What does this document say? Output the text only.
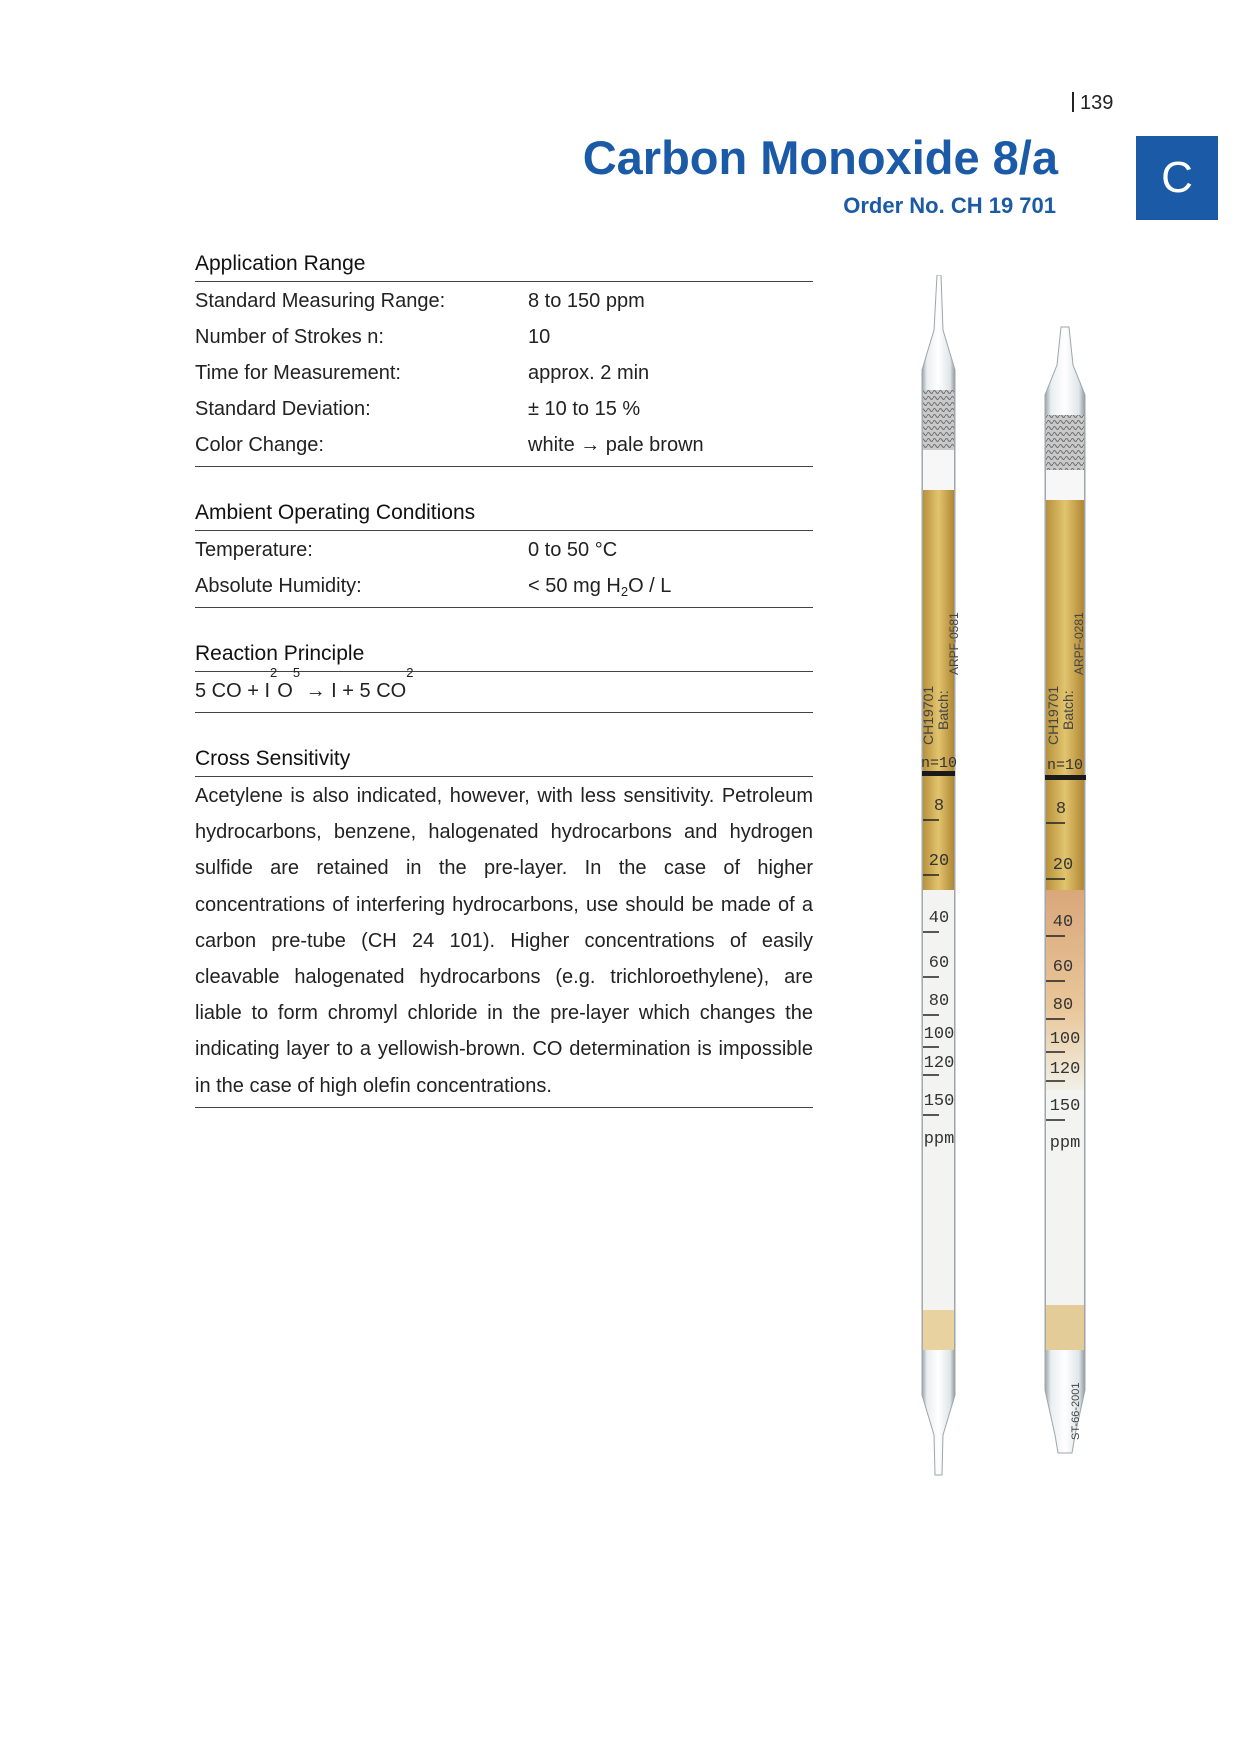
139
Carbon Monoxide 8/a
Order No. CH 19 701
C
Application Range
Standard Measuring Range:	8 to 150 ppm
Number of Strokes n:	10
Time for Measurement:	approx. 2 min
Standard Deviation:	± 10 to 15 %
Color Change:	white → pale brown
Ambient Operating Conditions
Temperature:	0 to 50 °C
Absolute Humidity:	< 50 mg $H_2O$ / L
Reaction Principle
5 CO + I
2
O
5
→ I + 5 CO
2
Cross Sensitivity
Acetylene is also indicated, however, with less sensitivity. Petroleum hydrocarbons, benzene, halogenated hydrocarbons and hydrogen sulfide are retained in the pre-layer. In the case of higher concentrations of interfering hydrocarbons, use should be made of a carbon pre-tube (CH 24 101). Higher concentrations of easily cleavable halogenated hydrocarbons (e.g. trichloroethylene), are liable to form chromyl chloride in the pre-layer which changes the indicating layer to a yellowish-brown. CO determination is impossible in the case of high olefin concentrations.
8
20
40
60
80
100
120
150
ppm
n=10
CH19701 Batch:
ARPF-0581
8
20
40
60
80
100
120
150
ppm
n=10
CH19701 Batch:
ARPF-0281
ST-66-2001
